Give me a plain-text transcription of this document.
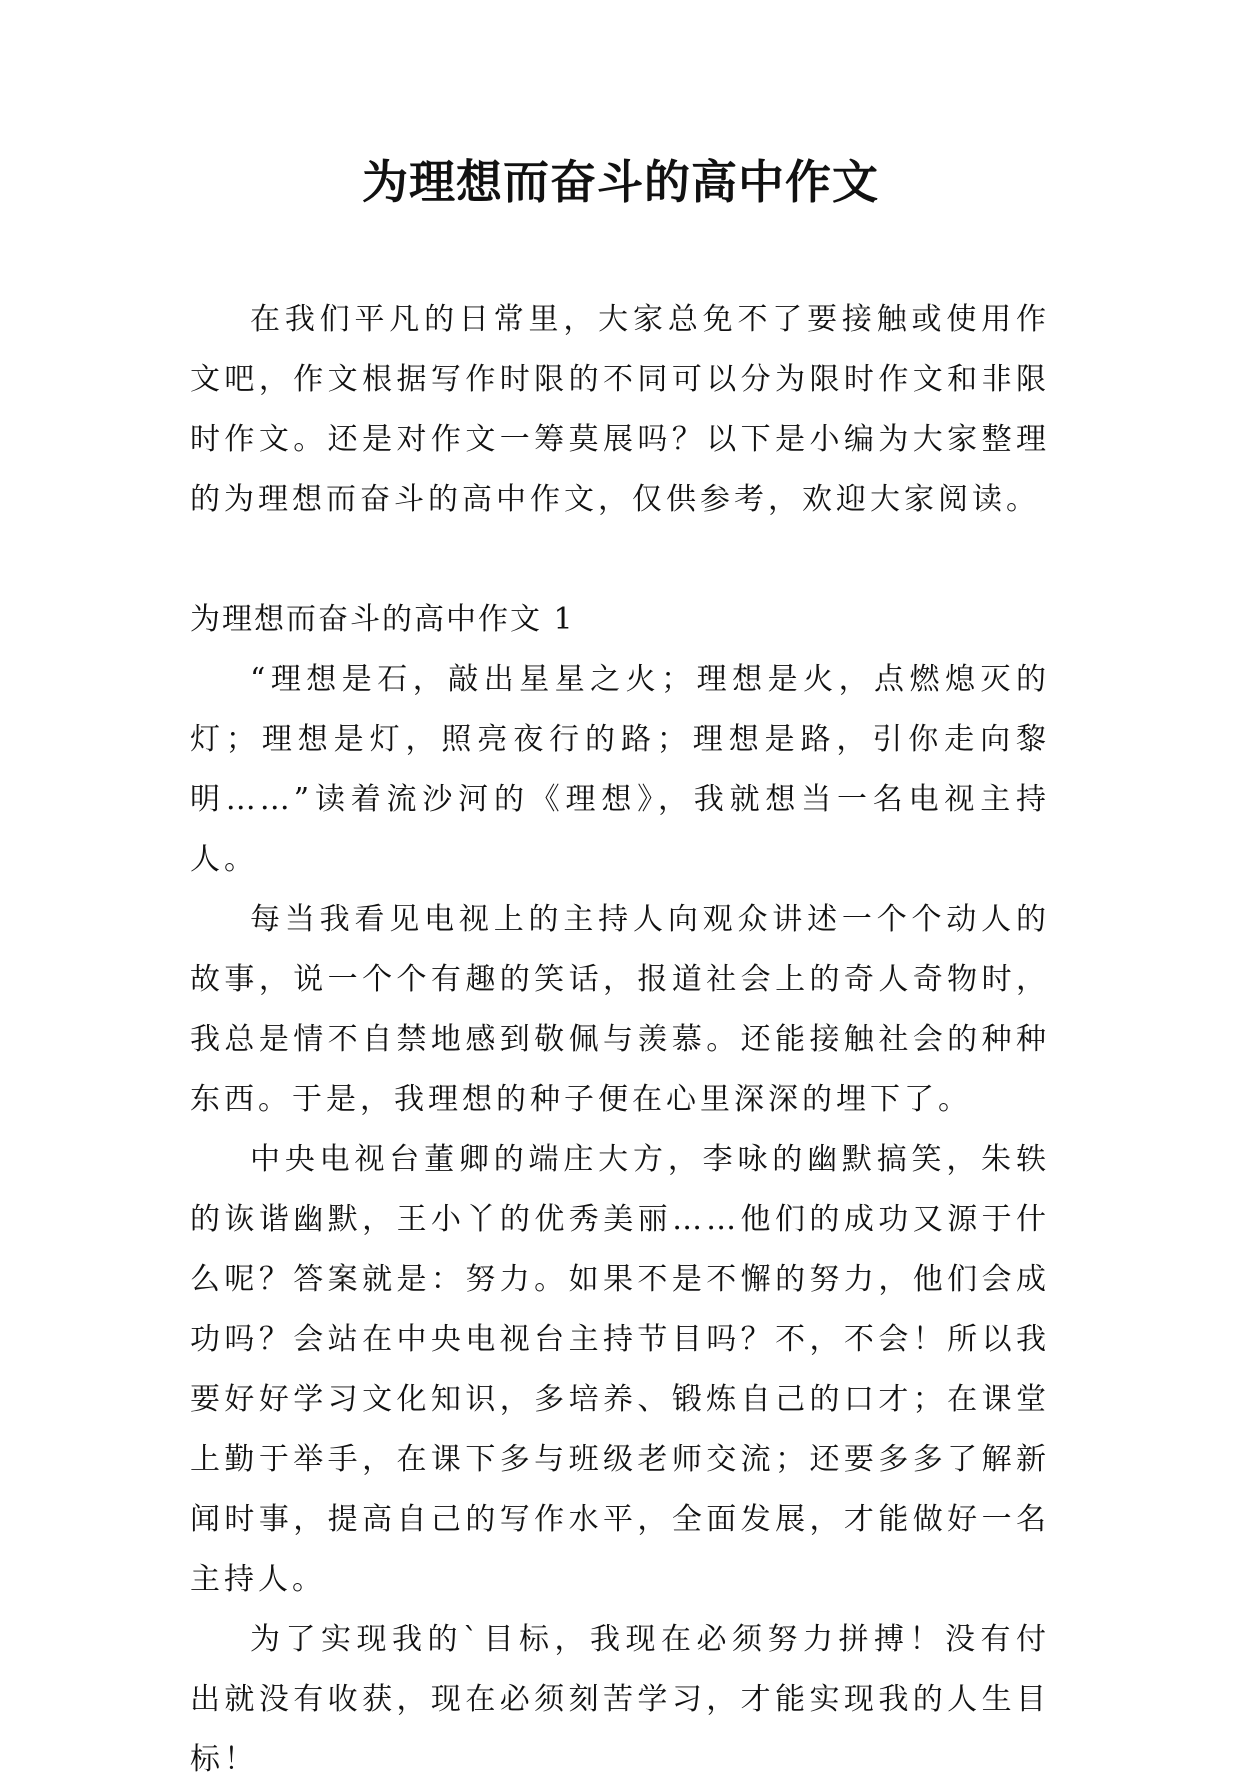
为理想而奋斗的高中作文

在我们平凡的日常里，大家总免不了要接触或使用作文吧，作文根据写作时限的不同可以分为限时作文和非限时作文。还是对作文一筹莫展吗？以下是小编为大家整理的为理想而奋斗的高中作文，仅供参考，欢迎大家阅读。

为理想而奋斗的高中作文 1

“理想是石，敲出星星之火；理想是火，点燃熄灭的灯；理想是灯，照亮夜行的路；理想是路，引你走向黎明……”读着流沙河的《理想》，我就想当一名电视主持人。

每当我看见电视上的主持人向观众讲述一个个动人的故事，说一个个有趣的笑话，报道社会上的奇人奇物时，我总是情不自禁地感到敬佩与羡慕。还能接触社会的种种东西。于是，我理想的种子便在心里深深的埋下了。

中央电视台董卿的端庄大方，李咏的幽默搞笑，朱轶的诙谐幽默，王小丫的优秀美丽……他们的成功又源于什么呢？答案就是：努力。如果不是不懈的努力，他们会成功吗？会站在中央电视台主持节目吗？不，不会！所以我要好好学习文化知识，多培养、锻炼自己的口才；在课堂上勤于举手，在课下多与班级老师交流；还要多多了解新闻时事，提高自己的写作水平，全面发展，才能做好一名主持人。

为了实现我的`目标，我现在必须努力拼搏！没有付出就没有收获，现在必须刻苦学习，才能实现我的人生目标！
